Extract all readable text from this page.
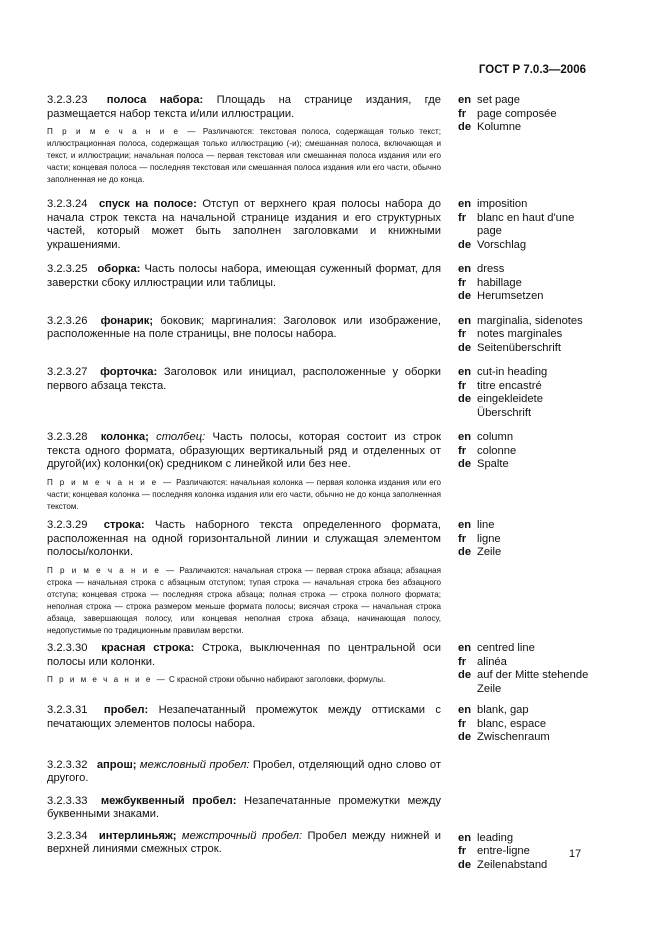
ГОСТ Р 7.0.3—2006
3.2.3.23 полоса набора: Площадь на странице издания, где размещается набор текста и/или иллюстрации.
П р и м е ч а н и е — Различаются: текстовая полоса, содержащая только текст; иллюстрационная полоса, содержащая только иллюстрацию (-и); смешанная полоса, включающая и текст, и иллюстрации; начальная полоса — первая текстовая или смешанная полоса издания или его части; концевая полоса — последняя текстовая или смешанная полоса издания или его части, обычно заполненная не до конца.
en set page
fr page composée
de Kolumne
3.2.3.24 спуск на полосе: Отступ от верхнего края полосы набора до начала строк текста на начальной странице издания и его структурных частей, который может быть заполнен заголовками и книжными украшениями.
en imposition
fr blanc en haut d'une page
de Vorschlag
3.2.3.25 оборка: Часть полосы набора, имеющая суженный формат, для заверстки сбоку иллюстрации или таблицы.
en dress
fr habillage
de Herumsetzen
3.2.3.26 фонарик; боковик; маргиналия: Заголовок или изображение, расположенные на поле страницы, вне полосы набора.
en marginalia, sidenotes
fr notes marginales
de Seitenüberschrift
3.2.3.27 форточка: Заголовок или инициал, расположенные у оборки первого абзаца текста.
en cut-in heading
fr titre encastré
de eingekleidete Überschrift
3.2.3.28 колонка; столбец: Часть полосы, которая состоит из строк текста одного формата, образующих вертикальный ряд и отделенных от другой(их) колонки(ок) средником с линейкой или без нее.
П р и м е ч а н и е — Различаются: начальная колонка — первая колонка издания или его части; концевая колонка — последняя колонка издания или его части, обычно не до конца заполненная текстом.
en column
fr colonne
de Spalte
3.2.3.29 строка: Часть наборного текста определенного формата, расположенная на одной горизонтальной линии и служащая элементом полосы/колонки.
П р и м е ч а н и е — Различаются: начальная строка — первая строка абзаца; абзацная строка — начальная строка с абзацным отступом; тупая строка — начальная строка без абзацного отступа; концевая строка — последняя строка абзаца; полная строка — строка полного формата; неполная строка — строка размером меньше формата полосы; висячая строка — начальная строка абзаца, завершающая полосу, или концевая неполная строка абзаца, начинающая полосу, недопустимые по традиционным правилам верстки.
en line
fr ligne
de Zeile
3.2.3.30 красная строка: Строка, выключенная по центральной оси полосы или колонки.
П р и м е ч а н и е — С красной строки обычно набирают заголовки, формулы.
en centred line
fr alinéa
de auf der Mitte stehende Zeile
3.2.3.31 пробел: Незапечатанный промежуток между оттисками с печатающих элементов полосы набора.
en blank, gap
fr blanc, espace
de Zwischenraum
3.2.3.32 апрош; межсловный пробел: Пробел, отделяющий одно слово от другого.
3.2.3.33 межбуквенный пробел: Незапечатанные промежутки между буквенными знаками.
3.2.3.34 интерлиньяж; межстрочный пробел: Пробел между нижней и верхней линиями смежных строк.
en leading
fr entre-ligne
de Zeilenabstand
17
